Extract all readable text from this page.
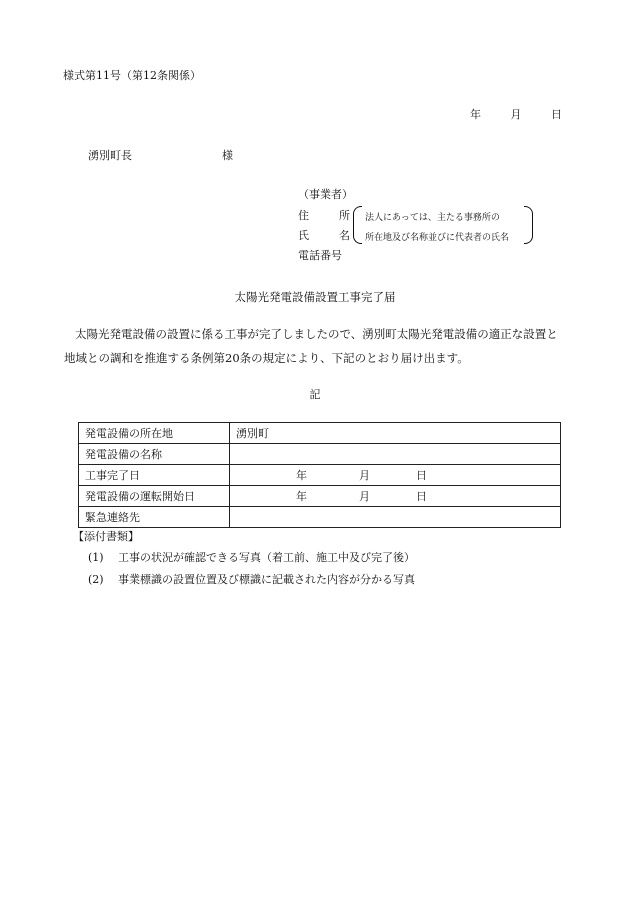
様式第11号（第12条関係）
年	月	日
湧別町長	様
（事業者）
住　所
氏　名
電話番号
法人にあっては、主たる事務所の
所在地及び名称並びに代表者の氏名
太陽光発電設備設置工事完了届
太陽光発電設備の設置に係る工事が完了しましたので、湧別町太陽光発電設備の適正な設置と地域との調和を推進する条例第20条の規定により、下記のとおり届け出ます。
記
発電設備の所在地	湧別町
発電設備の名称	
工事完了日	年 月 日
発電設備の運転開始日	年 月 日
緊急連絡先	
【添付書類】
(1) 工事の状況が確認できる写真（着工前、施工中及び完了後）
(2) 事業標識の設置位置及び標識に記載された内容が分かる写真
